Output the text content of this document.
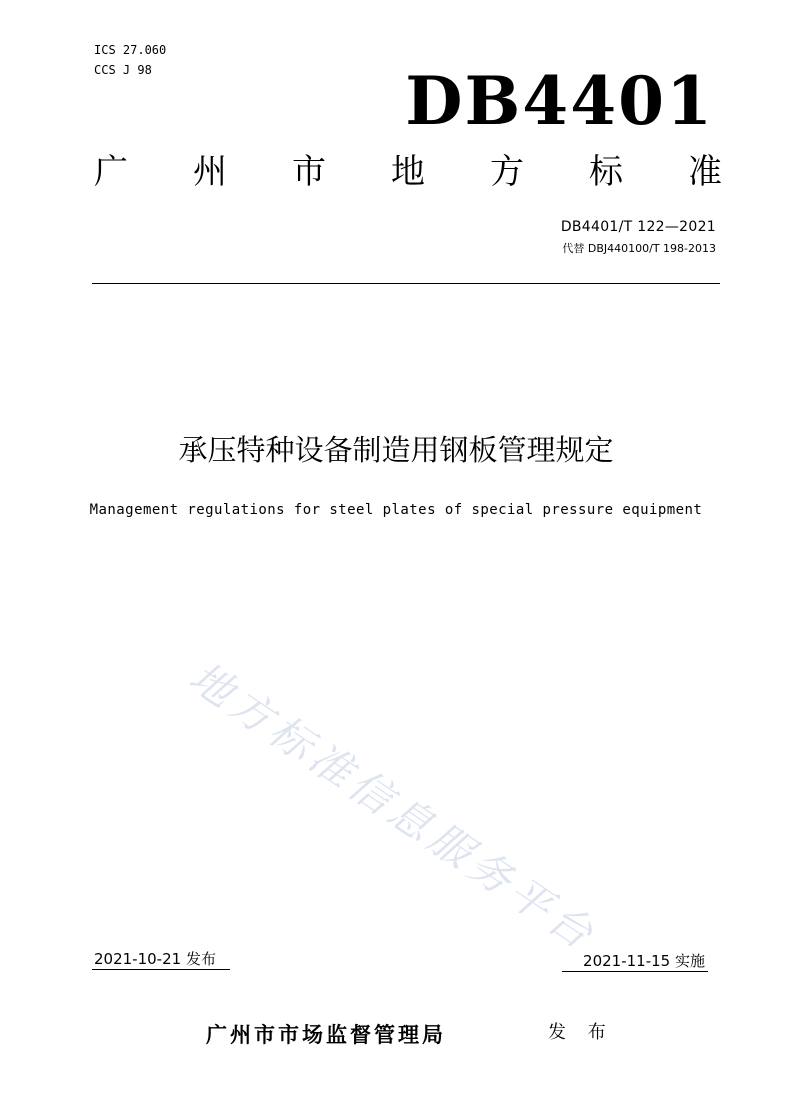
ICS 27.060
CCS J 98	DB4401
广 州 市 地 方 标 准
DB4401/T 122—2021
代替 DBJ440100/T 198-2013
承压特种设备制造用钢板管理规定
Management regulations for steel plates of special pressure equipment
地方标准信息服务平台
2021-10-21 发布	2021-11-15 实施
广州市市场监督管理局	发 布
